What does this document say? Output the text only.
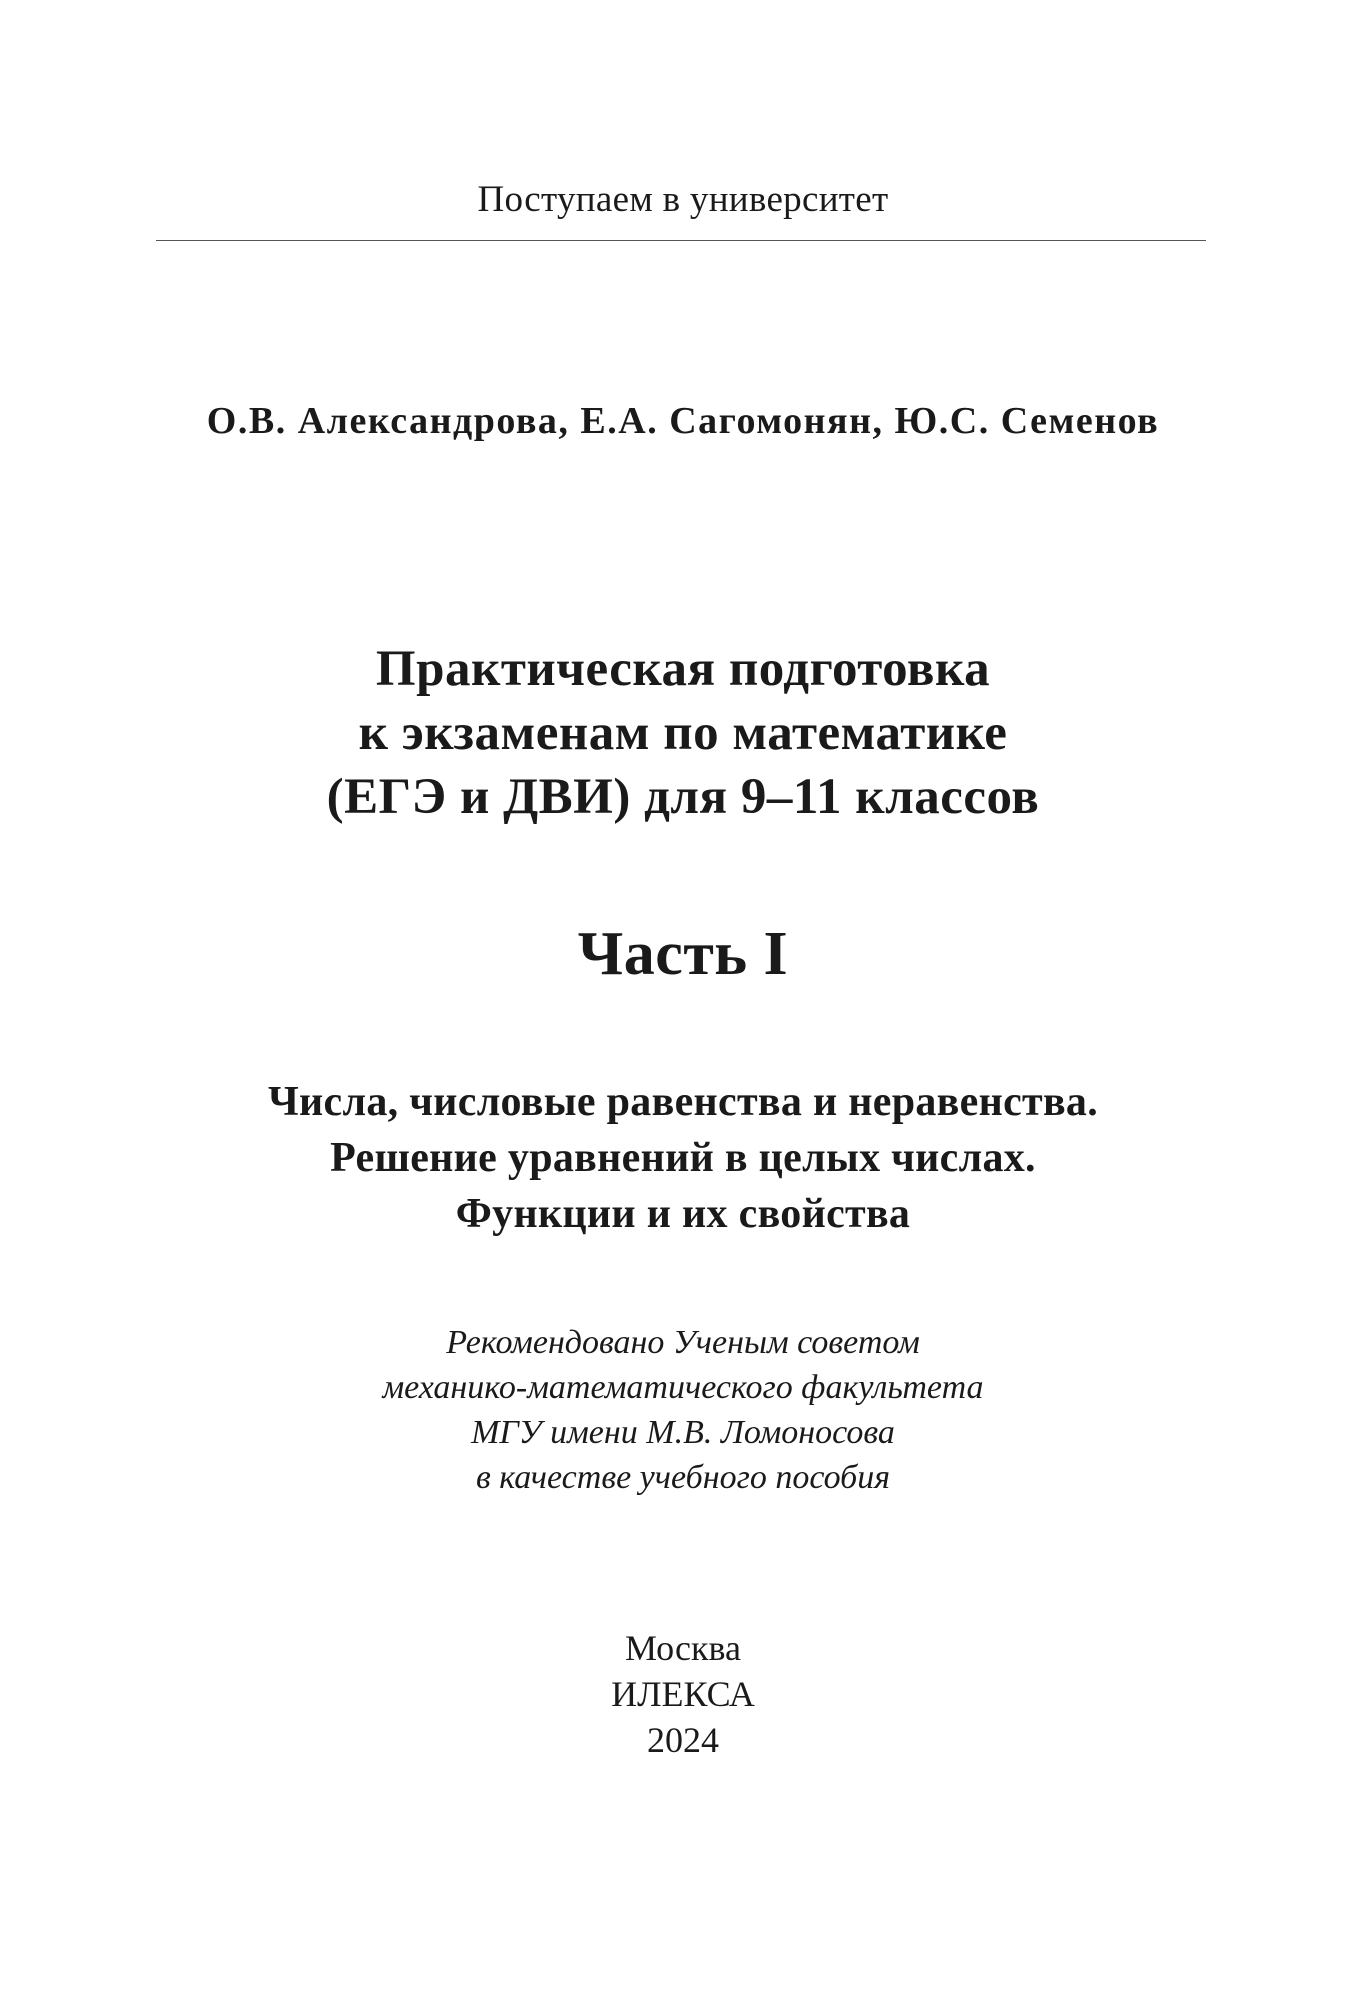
Поступаем в университет
О.В. Александрова, Е.А. Сагомонян, Ю.С. Семенов
Практическая подготовка
к экзаменам по математике
(ЕГЭ и ДВИ) для 9–11 классов
Часть I
Числа, числовые равенства и неравенства.
Решение уравнений в целых числах.
Функции и их свойства
Рекомендовано Ученым советом
механико-математического факультета
МГУ имени М.В. Ломоносова
в качестве учебного пособия
Москва
ИЛЕКСА
2024
